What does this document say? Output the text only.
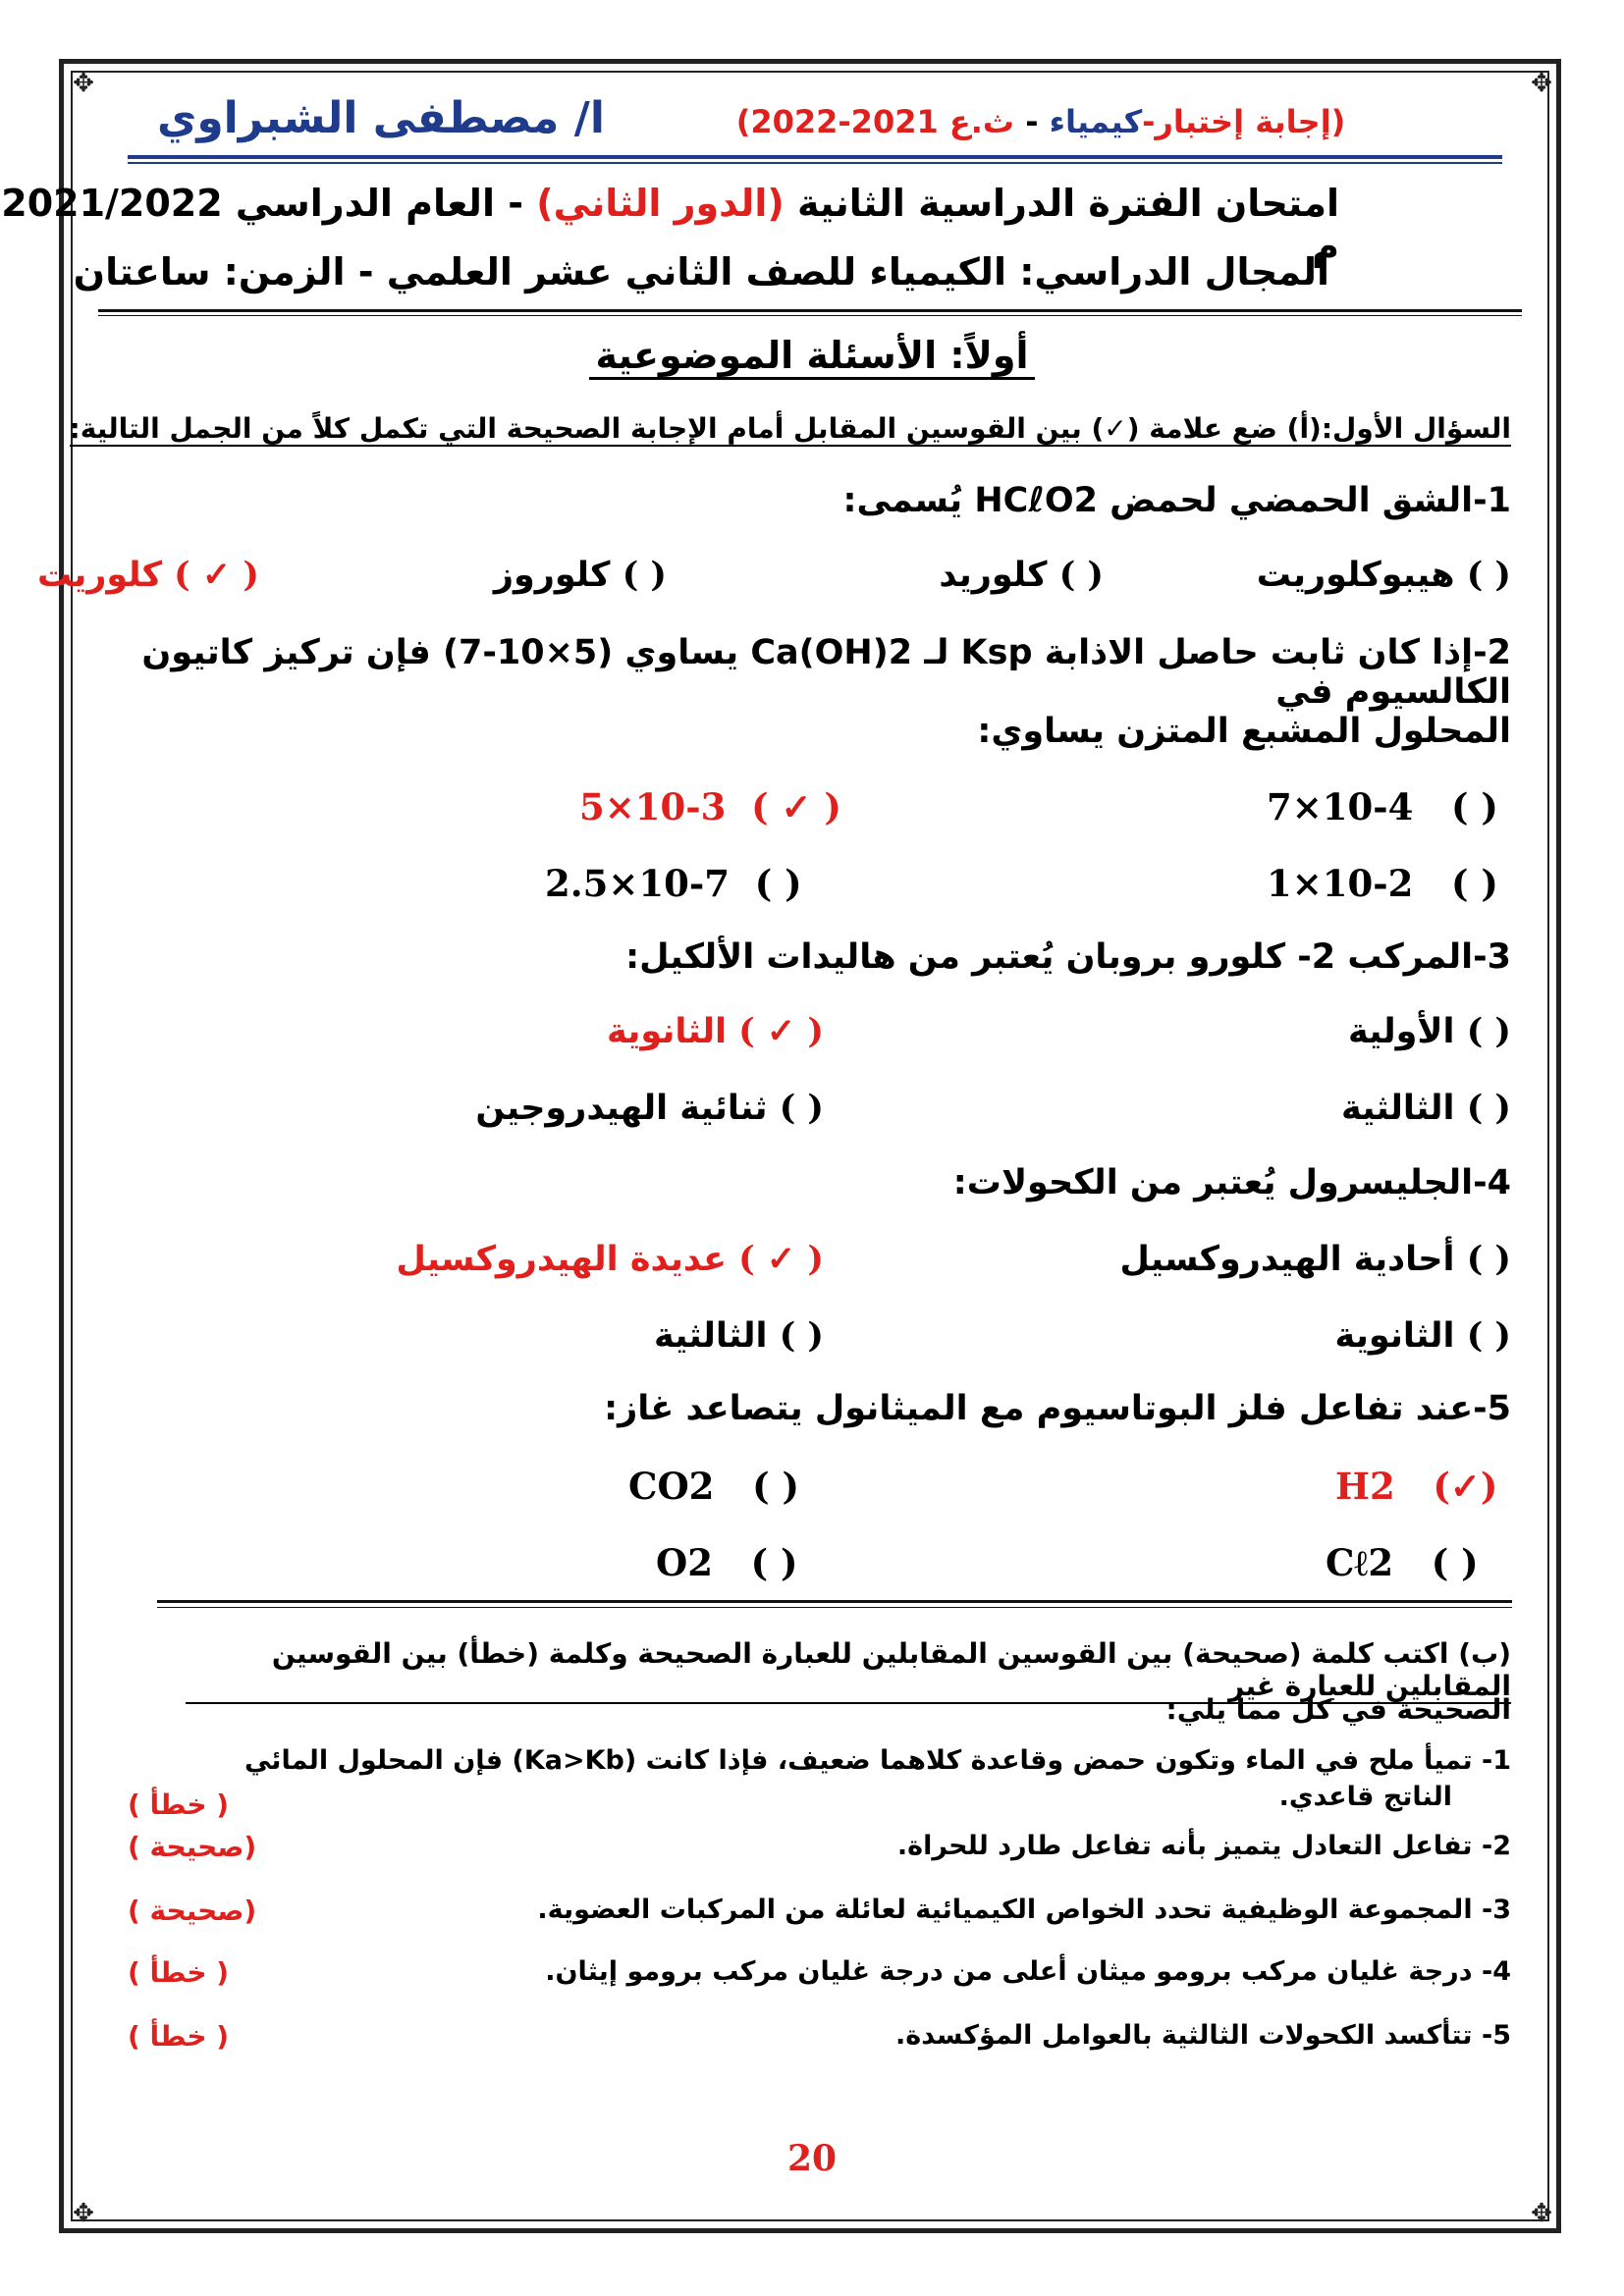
✥	✥
✥	✥
ا/ مصطفى الشبراوي	(إجابة إختبار-كيمياء - ث.ع 2021-2022)
امتحان الفترة الدراسية الثانية (الدور الثاني) - العام الدراسي 2021/2022 م
المجال الدراسي: الكيمياء للصف الثاني عشر العلمي - الزمن: ساعتان
أولاً: الأسئلة الموضوعية
السؤال الأول:(أ) ضع علامة (✓) بين القوسين المقابل أمام الإجابة الصحيحة التي تكمل كلاً من الجمل التالية:
1-الشق الحمضي لحمض HCℓO2 يُسمى:
( ) هيبوكلوريت
( ) كلوريد
( ) كلوروز
( ✓ ) كلوريت
2-إذا كان ثابت حاصل الاذابة Ksp لـ Ca(OH)2 يساوي (5×10-7) فإن تركيز كاتيون الكالسيوم في
المحلول المشبع المتزن يساوي:
7×10-4 ( )
5×10-3 ( ✓ )
1×10-2 ( )
2.5×10-7 ( )
3-المركب 2- كلورو بروبان يُعتبر من هاليدات الألكيل:
( ) الأولية
( ✓ ) الثانوية
( ) الثالثية
( ) ثنائية الهيدروجين
4-الجليسرول يُعتبر من الكحولات:
( ) أحادية الهيدروكسيل
( ✓ ) عديدة الهيدروكسيل
( ) الثانوية
( ) الثالثية
5-عند تفاعل فلز البوتاسيوم مع الميثانول يتصاعد غاز:
H2 (✓)
CO2 ( )
Cℓ2 ( )
O2 ( )
(ب) اكتب كلمة (صحيحة) بين القوسين المقابلين للعبارة الصحيحة وكلمة (خطأ) بين القوسين المقابلين للعبارة غير
الصحيحة في كل مما يلي:
1- تميأ ملح في الماء وتكون حمض وقاعدة كلاهما ضعيف، فإذا كانت (Ka>Kb) فإن المحلول المائي
الناتج قاعدي.
( خطأ )
2- تفاعل التعادل يتميز بأنه تفاعل طارد للحراة.
(صحيحة )
3- المجموعة الوظيفية تحدد الخواص الكيميائية لعائلة من المركبات العضوية.
(صحيحة )
4- درجة غليان مركب برومو ميثان أعلى من درجة غليان مركب برومو إيثان.
( خطأ )
5- تتأكسد الكحولات الثالثية بالعوامل المؤكسدة.
( خطأ )
20
